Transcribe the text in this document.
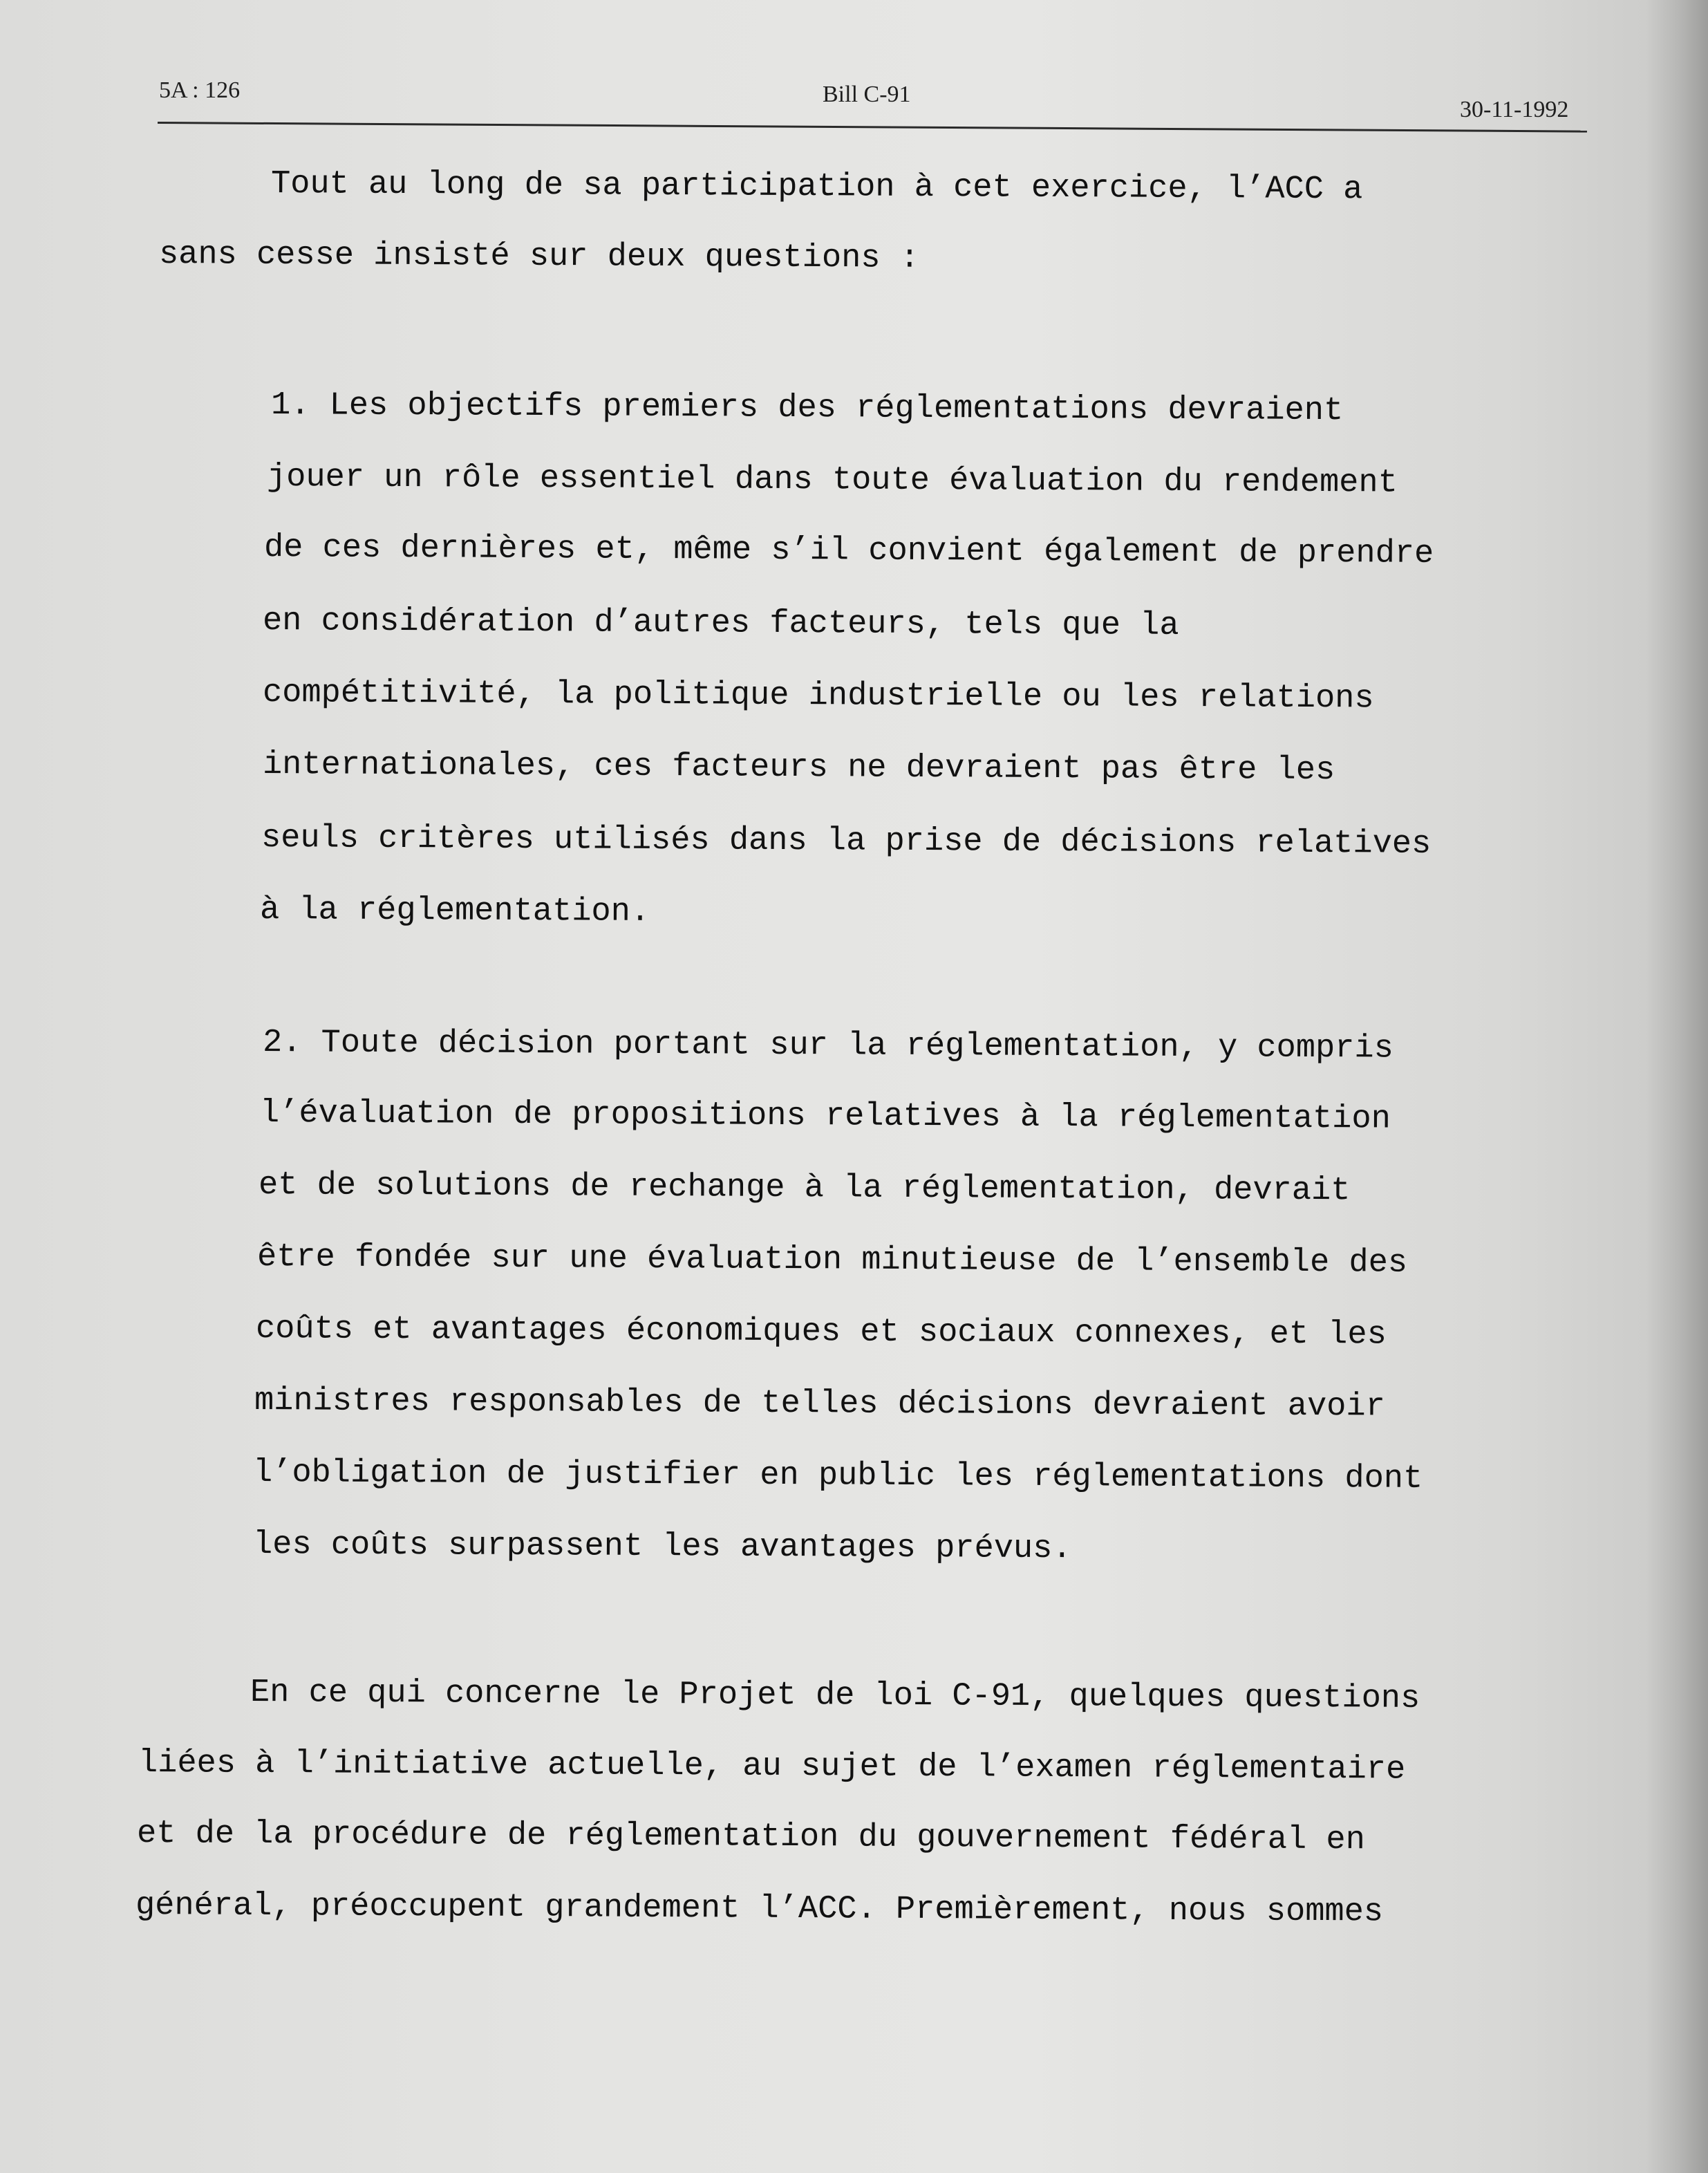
5A : 126	Bill C-91
30-11-1992
Tout au long de sa participation à cet exercice, l’ACC a
sans cesse insisté sur deux questions :
1. Les objectifs premiers des réglementations devraient
jouer un rôle essentiel dans toute évaluation du rendement
de ces dernières et, même s’il convient également de prendre
en considération d’autres facteurs, tels que la
compétitivité, la politique industrielle ou les relations
internationales, ces facteurs ne devraient pas être les
seuls critères utilisés dans la prise de décisions relatives
à la réglementation.
2. Toute décision portant sur la réglementation, y compris
l’évaluation de propositions relatives à la réglementation
et de solutions de rechange à la réglementation, devrait
être fondée sur une évaluation minutieuse de l’ensemble des
coûts et avantages économiques et sociaux connexes, et les
ministres responsables de telles décisions devraient avoir
l’obligation de justifier en public les réglementations dont
les coûts surpassent les avantages prévus.
En ce qui concerne le Projet de loi C-91, quelques questions
liées à l’initiative actuelle, au sujet de l’examen réglementaire
et de la procédure de réglementation du gouvernement fédéral en
général, préoccupent grandement l’ACC. Premièrement, nous sommes
